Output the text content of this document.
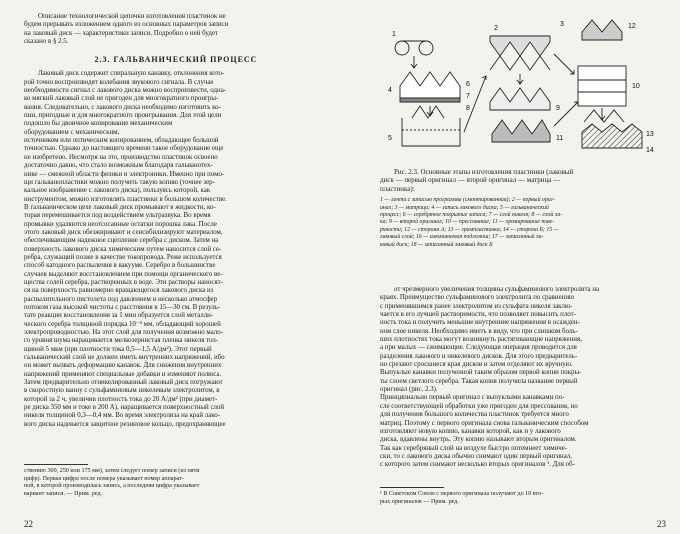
Описание технологической цепочки изготовления пластинок не
будем прерывать изложением одного из основных параметров записи
на лаковый диск — характеристики записи. Подробно о ней будет
сказано в § 2.5.

2.3. ГАЛЬВАНИЧЕСКИЙ ПРОЦЕСС

Лаковый диск содержит спиральную канавку, отклонения кото-
рой точно воспроизводят колебания звукового сигнала. В случае
необходимости сигнал с лакового диска можно воспроизвести, одна-
ко мягкий лаковый слой не пригоден для многократного проигры-
вания. Следовательно, с лакового диска необходимо изготовить ко-
пии, пригодные и для многократного проигрывания. Для этой цели
подошло бы двоичное копирование механическим
оборудованием с механическим,
источником или оптическим копированием, обладающее большой
точностью. Однако до настоящего времени такое оборудование еще
не изобретено. Несмотря на это, производство пластинок освоено
достаточно давно, что стало возможным благодаря гальванотех-
нике — смежной области физики и электроники. Именно при помо-
щи гальванопластики можно получить такую копию (точнее зер-
кальное изображение с лакового диска), пользуясь которой, как
инструментом, можно изготовлять пластинки в большом количестве.
В гальваническом цехе лаковый диск промывают в жидкости, ко-
торая перемешивается под воздействием ультразвука. Во время
промывки удаляются неотсосанные остатки порошка лака. После
этого лаковый диск обезжиривают и сенсибилизируют материалом,
обеспечивающим надежное сцепление серебра с диском. Затем на
поверхность лакового диска химическим путем наносится слой се-
ребра, служащий позже в качестве токопровода. Реже используется
способ катодного распыления в вакууме. Серебро в большинстве
случаев выделяют восстановлением при помощи органического ве-
щества солей серебра, растворенных в воде. Эти растворы наносят-
ся на поверхность равномерно вращающегося лакового диска из
распылительного пистолета под давлением и несколько атмосфер
потоком газа высокой чистоты с расстояния в 15—30 см. В резуль-
тате реакции восстановления за 1 мин образуется слой металли-
ческого серебра толщиной порядка 10⁻⁴ мм, обладающий хорошей
электропроводностью. На этот слой для получения возможно мало-
го уровня шума наращивается мелкозернистая пленка никеля тол-
щиной 5 мкм (при плотности тока 0,5—1,5 А/дм²). Этот первый
гальванический слой не должен иметь внутренних напряжений, ибо
он может вызвать деформацию канавок. Для снижения внутренних
напряжений применяют специальные добавки и изменяют полюса.
Затем предварительно отникелированный лаковый диск погружают
в скоростную ванну с сульфаминовым никелевым электролитом, в
которой за 2 ч, увеличив плотность тока до 20 А/дм² (при диамет-
ре диска 350 мм и токе в 200 А), наращивается поверхностный слой
никеля толщиной 0,3—0,4 мм. Во время электролиза на край лако-
вого диска надевается защитное резиновое кольцо, предохраняющее

ствению 300, 250 или 175 мм), затем следует номер записи (из пяти
цифр). Первая цифра после номера указывает номер аппарат-
ной, в которой производилась запись, а последняя цифра указывает
вариант записи. — Прим. ред.

22
1
2
3
4
5
6
7
8	9
10
11
12
13
14

Рис. 2.3. Основные этапы изготовления пластинки (лаковый
диск — первый оригинал — второй оригинал — матрица —
пластинка):

1 — лента с записью программы (смонтированная); 2 — первый ориг-
инал; 3 — матрица; 4 — запись лакового диска; 5 — гальванический
процесс; 6 — серебряное покрытие записи; 7 — слой никеля; 8 — слой ла-
ка; 9 — второй оригинал; 10 — прессование; 11 — хромирование пове-
рхности; 12 — сторона А; 13 — грампластинка; 14 — сторона Б; 15 —
лаковый слой; 16 — алюминиевая подложка; 17 — записанный ла-
ковый диск; 18 — записанный лаковый диск Б

от чрезмерного увеличения толщины сульфаминового электролита на
краях. Преимущество сульфаминового электролита по сравнению
с применявшимся ранее электролитом из сульфата никеля заклю-
чается в его лучшей растворимости, что позволяет повысить плот-
ность тока и получить меньшие внутренние напряжения в осажден-
ном слое никеля. Необходимо иметь в виду, что при слишком боль-
ших плотностях тока могут возникнуть растягивающие напряжения,
а при малых — сжимающие. Следующая операция проводится для
разделения лакового и никелевого дисков. Для этого предваритель-
но срезают сросшиеся края дисков и затем отделяют их вручную.
Выпуклые канавки полученной таким образом первой копии покры-
ты слоем светлого серебра. Такая копия получила название первый
оригинал (рис. 2.3).
Принципиально первый оригинал с выпуклыми канавками по-
сле соответствующей обработки уже пригоден для прессования, но
для получения большого количества пластинок требуется много
матриц. Поэтому с первого оригинала снова гальваническим способом
изготовляют новую копию, канавки которой, как и у лакового
диска, вдавлены внутрь. Эту копию называют вторым оригиналом.
Так как серебряный слой на воздухе быстро потемнеет химиче-
ски, то с лакового диска обычно снимают один первый оригинал,
с которого затем снимают несколько вторых оригиналов ¹. Для об-

¹ В Советском Союзе с первого оригинала получают до 10 вто-
рых оригиналов — Прим. ред.

23
